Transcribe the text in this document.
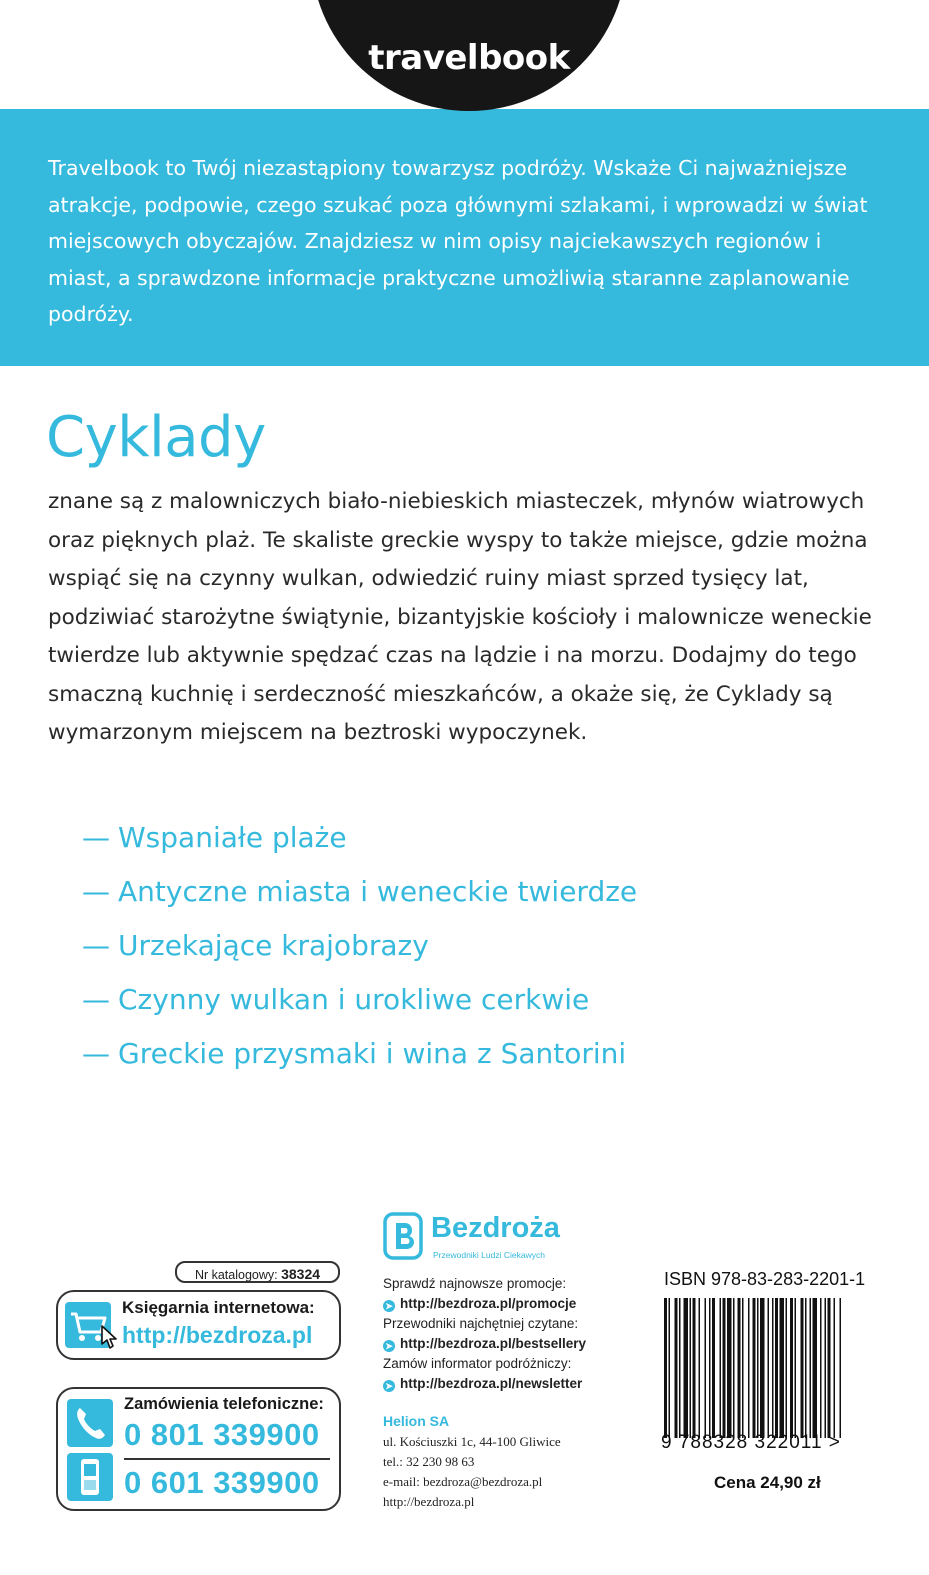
travelbook

Travelbook to Twój niezastąpiony towarzysz podróży. Wskaże Ci najważniejsze atrakcje, podpowie, czego szukać poza głównymi szlakami, i wprowadzi w świat miejscowych obyczajów. Znajdziesz w nim opisy najciekawszych regionów i miast, a sprawdzone informacje praktyczne umożliwią staranne zaplanowanie podróży.

Cyklady

znane są z malowniczych biało-niebieskich miasteczek, młynów wiatrowych oraz pięknych plaż. Te skaliste greckie wyspy to także miejsce, gdzie można wspiąć się na czynny wulkan, odwiedzić ruiny miast sprzed tysięcy lat, podziwiać starożytne świątynie, bizantyjskie kościoły i malownicze weneckie twierdze lub aktywnie spędzać czas na lądzie i na morzu. Dodajmy do tego smaczną kuchnię i serdeczność mieszkańców, a okaże się, że Cyklady są wymarzonym miejscem na beztroski wypoczynek.

— Wspaniałe plaże
— Antyczne miasta i weneckie twierdze
— Urzekające krajobrazy
— Czynny wulkan i urokliwe cerkwie
— Greckie przysmaki i wina z Santorini
Nr katalogowy: 38324
Księgarnia internetowa:
http://bezdroza.pl
Zamówienia telefoniczne:
0 801 339900
0 601 339900
Bezdroża
Przewodniki Ludzi Ciekawych
Sprawdź najnowsze promocje:
➤ http://bezdroza.pl/promocje
Przewodniki najchętniej czytane:
➤ http://bezdroza.pl/bestsellery
Zamów informator podróżniczy:
➤ http://bezdroza.pl/newsletter
Helion SA
ul. Kościuszki 1c, 44-100 Gliwice
tel.: 32 230 98 63
e-mail: bezdroza@bezdroza.pl
http://bezdroza.pl
ISBN 978-83-283-2201-1
9 788328 322011 >
Cena 24,90 zł
